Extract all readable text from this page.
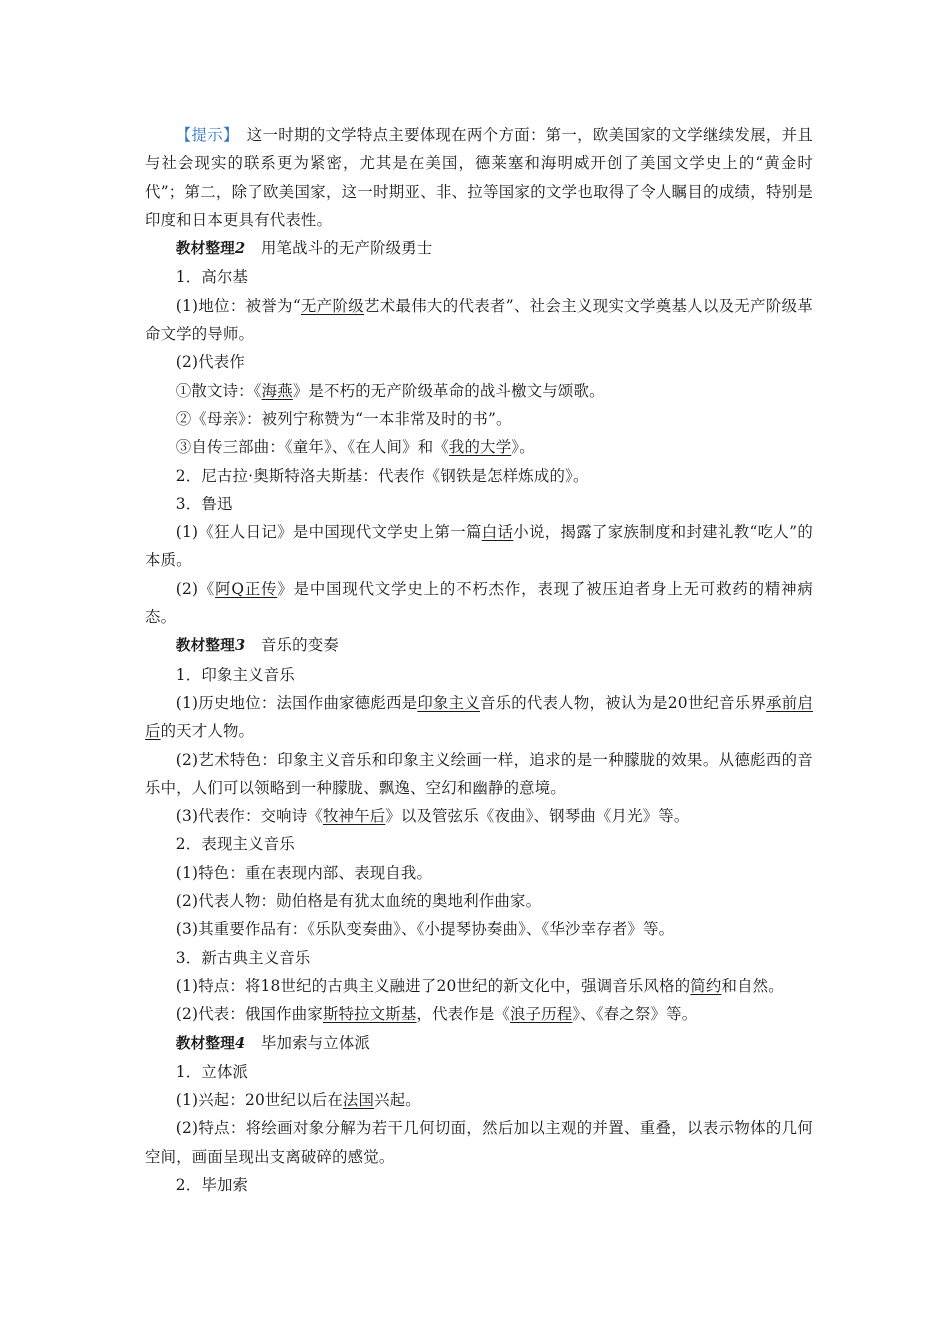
【提示】　这一时期的文学特点主要体现在两个方面：第一，欧美国家的文学继续发展，并且与社会现实的联系更为紧密，尤其是在美国，德莱塞和海明威开创了美国文学史上的“黄金时代”；第二，除了欧美国家，这一时期亚、非、拉等国家的文学也取得了令人瞩目的成绩，特别是印度和日本更具有代表性。

教材整理2　 用笔战斗的无产阶级勇士

1．高尔基

(1)地位：被誉为“无产阶级艺术最伟大的代表者”、社会主义现实文学奠基人以及无产阶级革命文学的导师。

(2)代表作

①散文诗：《海燕》是不朽的无产阶级革命的战斗檄文与颂歌。

②《母亲》：被列宁称赞为“一本非常及时的书”。

③自传三部曲：《童年》、《在人间》和《我的大学》。

2．尼古拉·奥斯特洛夫斯基：代表作《钢铁是怎样炼成的》。

3．鲁迅

(1)《狂人日记》是中国现代文学史上第一篇白话小说，揭露了家族制度和封建礼教“吃人”的本质。

(2)《阿Q正传》是中国现代文学史上的不朽杰作，表现了被压迫者身上无可救药的精神病态。

教材整理3　 音乐的变奏

1．印象主义音乐

(1)历史地位：法国作曲家德彪西是印象主义音乐的代表人物，被认为是20世纪音乐界承前启后的天才人物。

(2)艺术特色：印象主义音乐和印象主义绘画一样，追求的是一种朦胧的效果。从德彪西的音乐中，人们可以领略到一种朦胧、飘逸、空幻和幽静的意境。

(3)代表作：交响诗《牧神午后》以及管弦乐《夜曲》、钢琴曲《月光》等。

2．表现主义音乐

(1)特色：重在表现内部、表现自我。

(2)代表人物：勋伯格是有犹太血统的奥地利作曲家。

(3)其重要作品有：《乐队变奏曲》、《小提琴协奏曲》、《华沙幸存者》等。

3．新古典主义音乐

(1)特点：将18世纪的古典主义融进了20世纪的新文化中，强调音乐风格的简约和自然。

(2)代表：俄国作曲家斯特拉文斯基，代表作是《浪子历程》、《春之祭》等。

教材整理4　 毕加索与立体派

1．立体派

(1)兴起：20世纪以后在法国兴起。

(2)特点：将绘画对象分解为若干几何切面，然后加以主观的并置、重叠，以表示物体的几何空间，画面呈现出支离破碎的感觉。

2．毕加索
